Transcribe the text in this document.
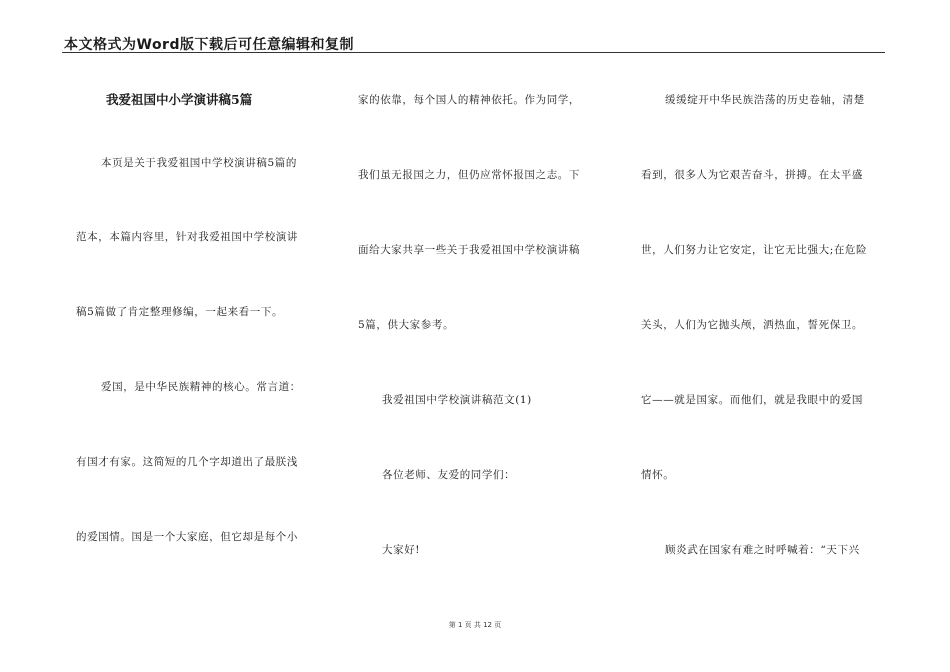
本文格式为Word版下载后可任意编辑和复制
我爱祖国中小学演讲稿5篇
本页是关于我爱祖国中学校演讲稿5篇的
范本，本篇内容里，针对我爱祖国中学校演讲
稿5篇做了肯定整理修编，一起来看一下。
爱国，是中华民族精神的核心。常言道：
有国才有家。这简短的几个字却道出了最朕浅
的爱国情。国是一个大家庭，但它却是每个小
家的依靠，每个国人的精神依托。作为同学，
我们虽无报国之力，但仍应常怀报国之志。下
面给大家共享一些关于我爱祖国中学校演讲稿
5篇，供大家参考。
我爱祖国中学校演讲稿范文(1)
各位老师、友爱的同学们：
大家好!
缓缓绽开中华民族浩荡的历史卷轴，清楚
看到，很多人为它艰苦奋斗，拼搏。在太平盛
世，人们努力让它安定，让它无比强大;在危险
关头，人们为它抛头颅，洒热血，誓死保卫。
它——就是国家。而他们，就是我眼中的爱国
情怀。
顾炎武在国家有难之时呼喊着：“天下兴
第 1 页 共 12 页
